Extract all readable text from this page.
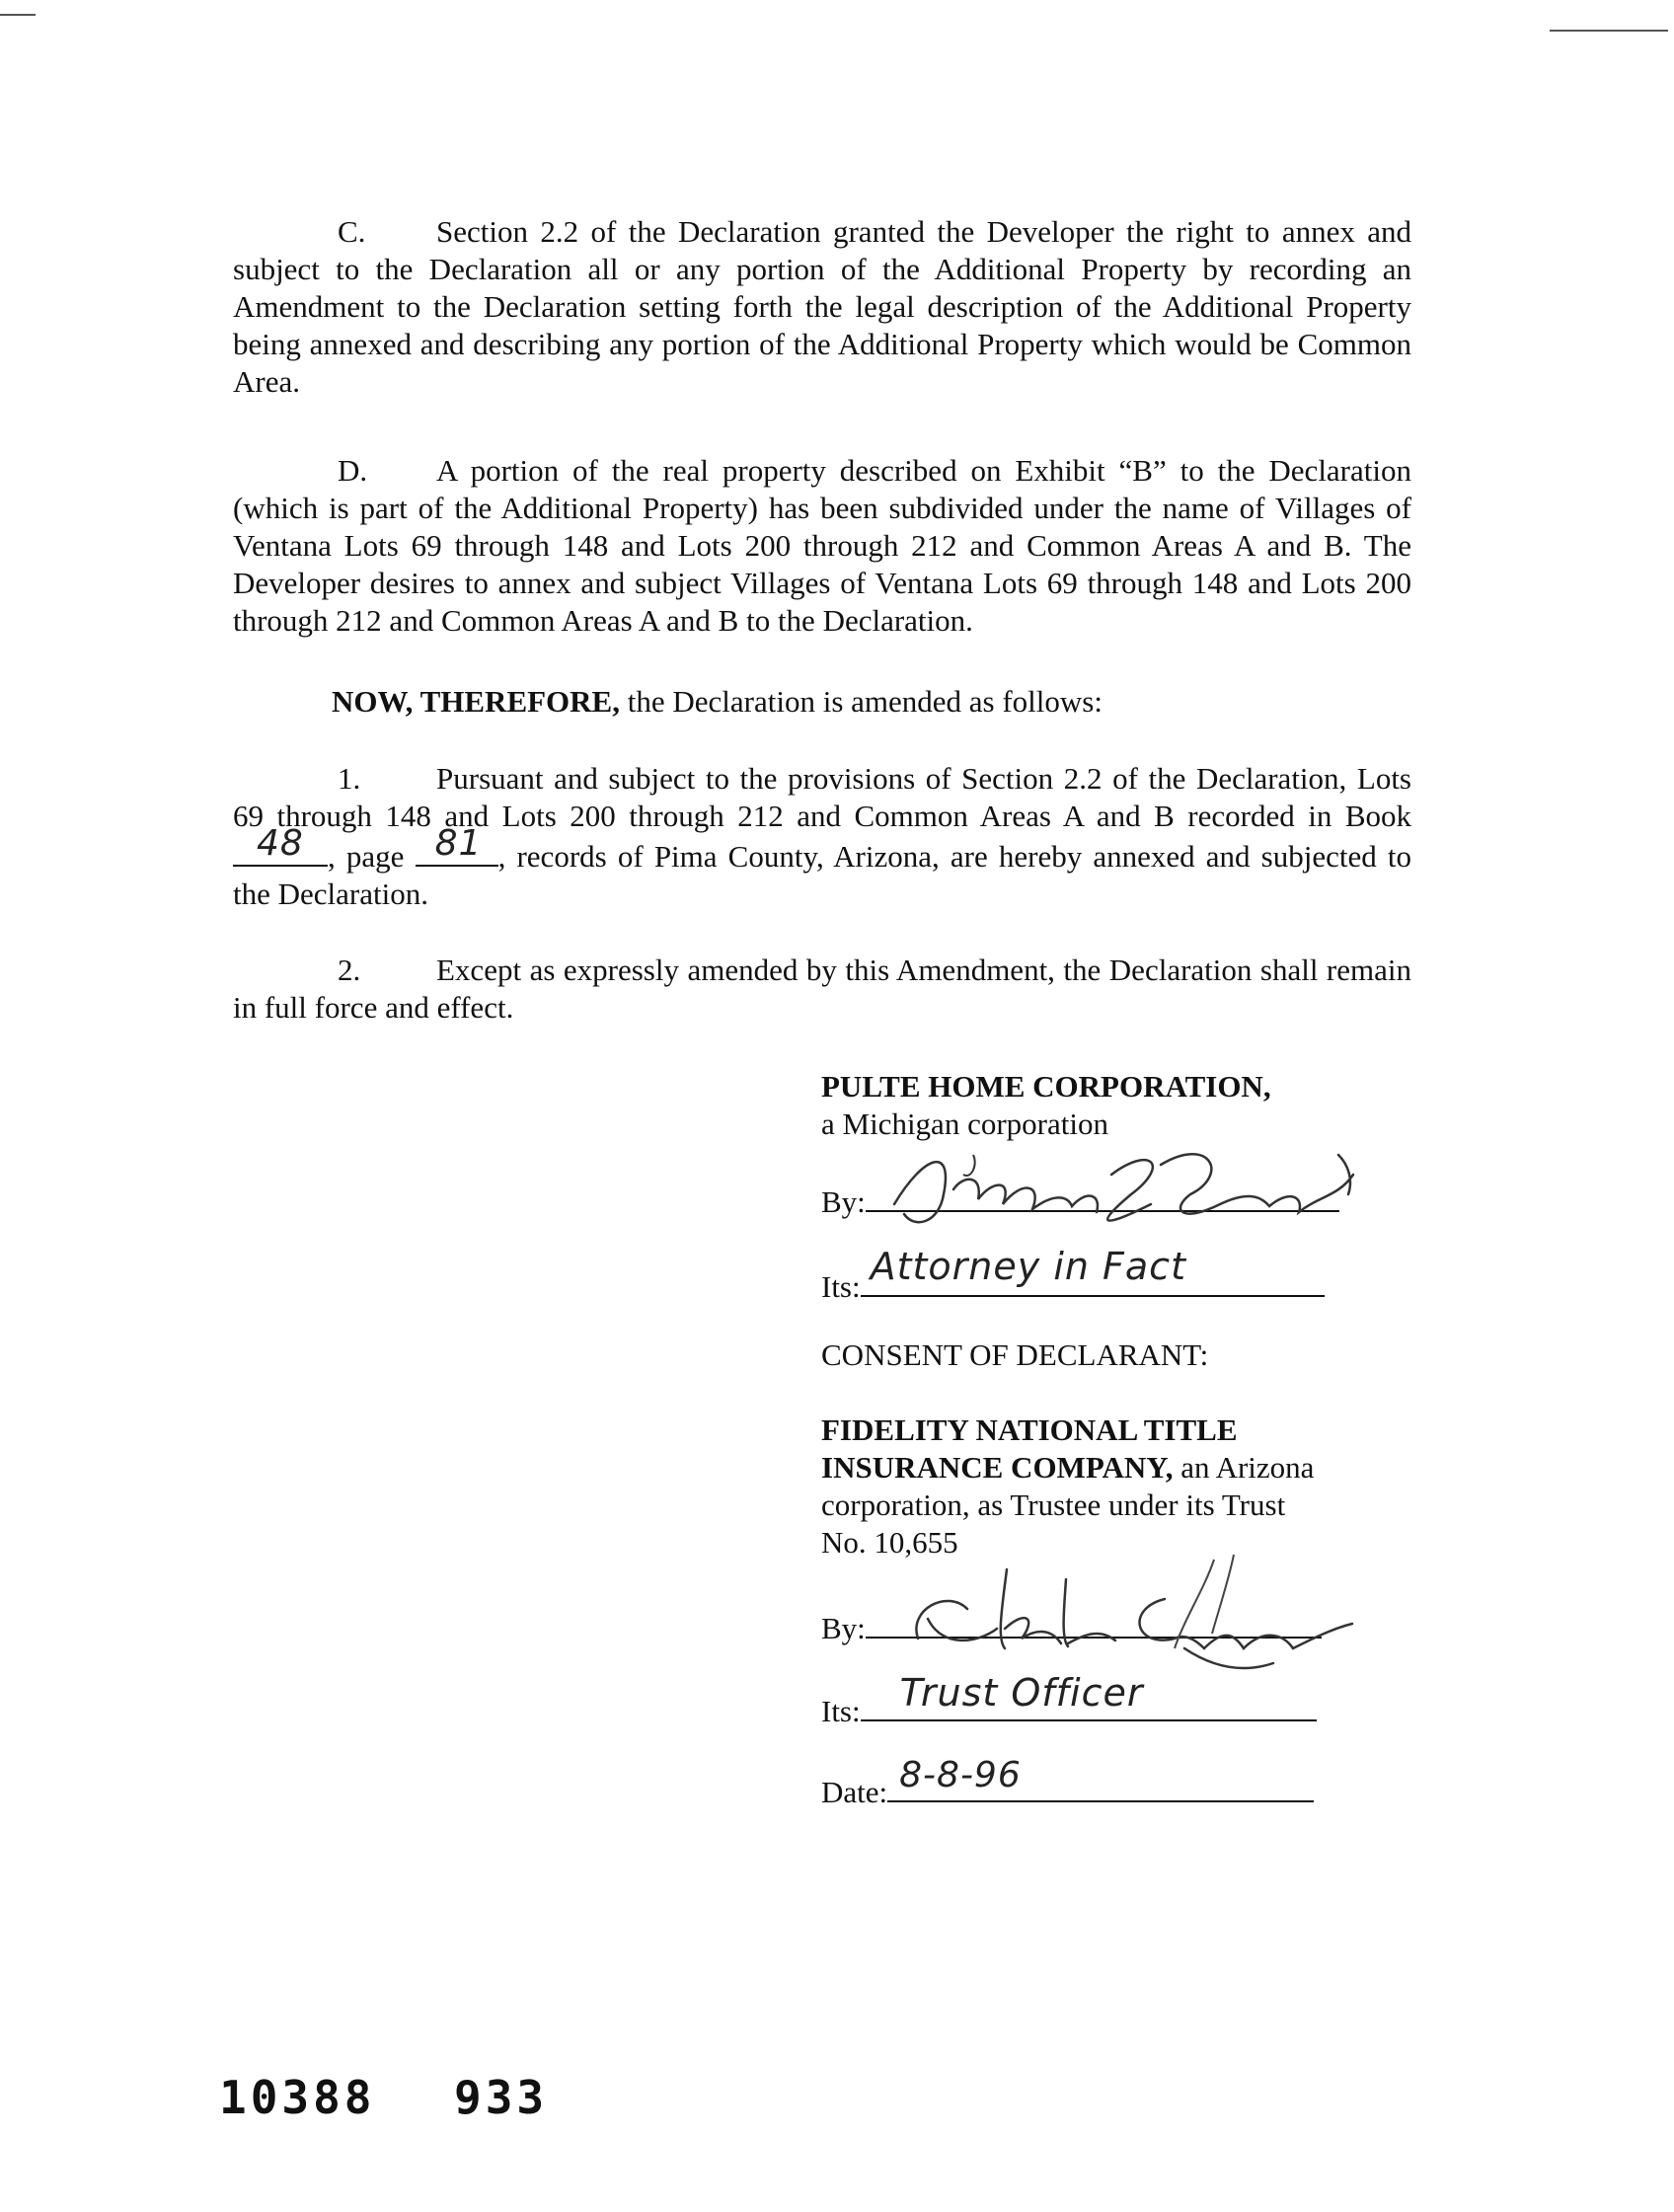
C. Section 2.2 of the Declaration granted the Developer the right to annex and subject to the Declaration all or any portion of the Additional Property by recording an Amendment to the Declaration setting forth the legal description of the Additional Property being annexed and describing any portion of the Additional Property which would be Common Area.

D. A portion of the real property described on Exhibit “B” to the Declaration (which is part of the Additional Property) has been subdivided under the name of Villages of Ventana Lots 69 through 148 and Lots 200 through 212 and Common Areas A and B. The Developer desires to annex and subject Villages of Ventana Lots 69 through 148 and Lots 200 through 212 and Common Areas A and B to the Declaration.

NOW, THEREFORE, the Declaration is amended as follows:

1. Pursuant and subject to the provisions of Section 2.2 of the Declaration, Lots 69 through 148 and Lots 200 through 212 and Common Areas A and B recorded in Book
48 , page 81 , records of Pima County, Arizona, are hereby annexed and subjected to the Declaration.

2. Except as expressly amended by this Amendment, the Declaration shall remain in full force and effect.

PULTE HOME CORPORATION,
a Michigan corporation
By:
Its: Attorney in Fact
CONSENT OF DECLARANT:
FIDELITY NATIONAL TITLE
INSURANCE COMPANY, an Arizona
corporation, as Trustee under its Trust
No. 10,655
By:
Its: Trust Officer
Date: 8-8-96
10388 933
